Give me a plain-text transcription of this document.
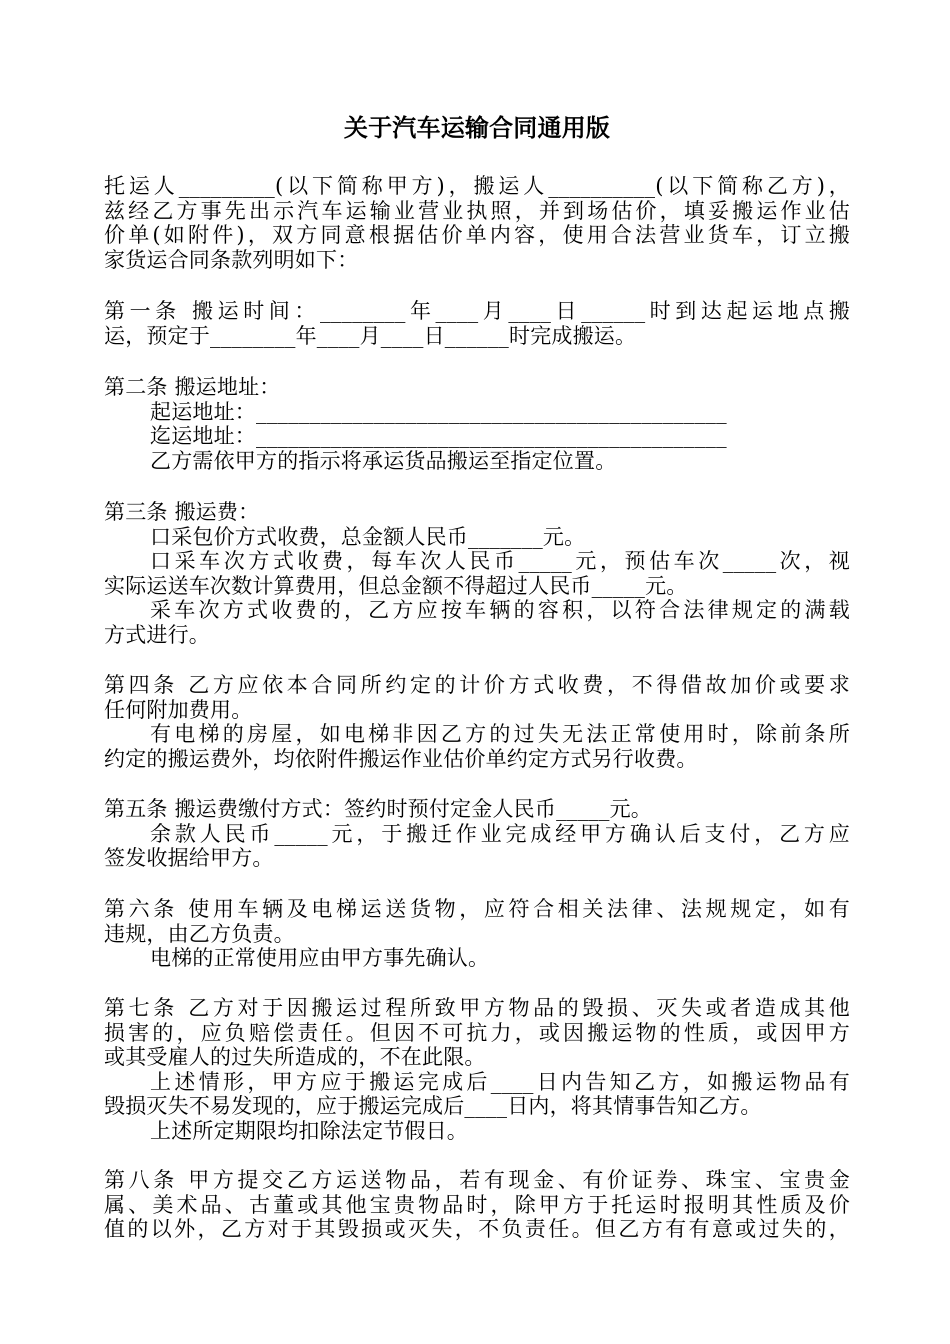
关于汽车运输合同通用版
托运人_________(以下简称甲方)，搬运人__________(以下简称乙方)，
兹经乙方事先出示汽车运输业营业执照，并到场估价，填妥搬运作业估
价单(如附件)，双方同意根据估价单内容，使用合法营业货车，订立搬
家货运合同条款列明如下：
第一条 搬运时间：________年____月____日______时到达起运地点搬
运，预定于________年____月____日______时完成搬运。
第二条 搬运地址：
起运地址：____________________________________________
迄运地址：____________________________________________
乙方需依甲方的指示将承运货品搬运至指定位置。
第三条 搬运费：
口采包价方式收费，总金额人民币_______元。
口采车次方式收费，每车次人民币_____元，预估车次_____次，视
实际运送车次数计算费用，但总金额不得超过人民币_____元。
采车次方式收费的，乙方应按车辆的容积，以符合法律规定的满载
方式进行。
第四条 乙方应依本合同所约定的计价方式收费，不得借故加价或要求
任何附加费用。
有电梯的房屋，如电梯非因乙方的过失无法正常使用时，除前条所
约定的搬运费外，均依附件搬运作业估价单约定方式另行收费。
第五条 搬运费缴付方式：签约时预付定金人民币_____元。
余款人民币_____元，于搬迁作业完成经甲方确认后支付，乙方应
签发收据给甲方。
第六条 使用车辆及电梯运送货物，应符合相关法律、法规规定，如有
违规，由乙方负责。
电梯的正常使用应由甲方事先确认。
第七条 乙方对于因搬运过程所致甲方物品的毁损、灭失或者造成其他
损害的，应负赔偿责任。但因不可抗力，或因搬运物的性质，或因甲方
或其受雇人的过失所造成的，不在此限。
上述情形，甲方应于搬运完成后____日内告知乙方，如搬运物品有
毁损灭失不易发现的，应于搬运完成后____日内，将其情事告知乙方。
上述所定期限均扣除法定节假日。
第八条 甲方提交乙方运送物品，若有现金、有价证券、珠宝、宝贵金
属、美术品、古董或其他宝贵物品时，除甲方于托运时报明其性质及价
值的以外，乙方对于其毁损或灭失，不负责任。但乙方有有意或过失的，
